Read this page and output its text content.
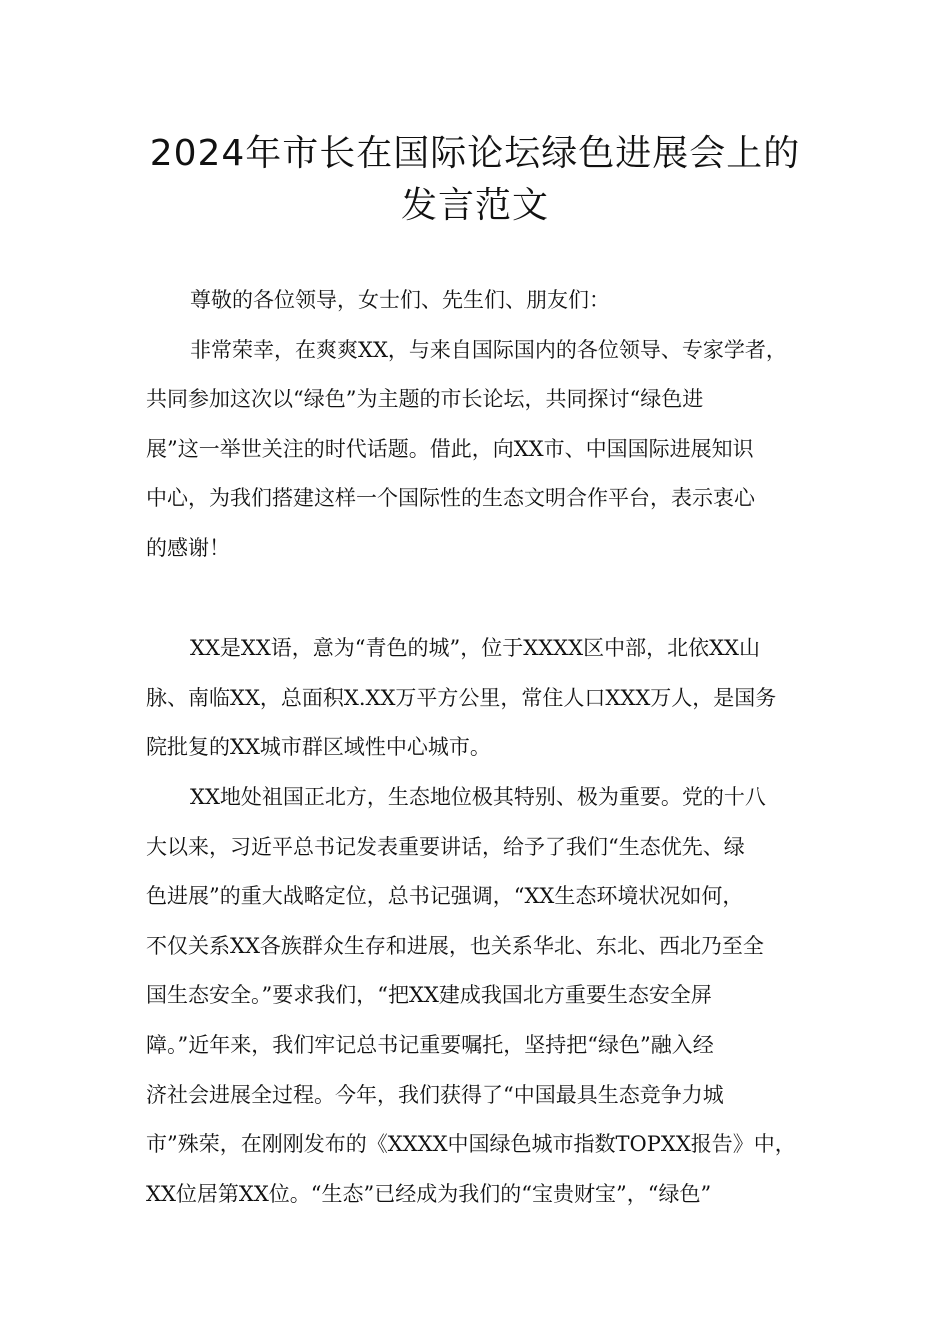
2024年市长在国际论坛绿色进展会上的
发言范文
尊敬的各位领导，女士们、先生们、朋友们：
非常荣幸，在爽爽XX，与来自国际国内的各位领导、专家学者，
共同参加这次以“绿色”为主题的市长论坛，共同探讨“绿色进
展”这一举世关注的时代话题。借此，向XX市、中国国际进展知识
中心，为我们搭建这样一个国际性的生态文明合作平台，表示衷心
的感谢！
XX是XX语，意为“青色的城”，位于XXXX区中部，北依XX山
脉、南临XX，总面积X.XX万平方公里，常住人口XXX万人，是国务
院批复的XX城市群区域性中心城市。
XX地处祖国正北方，生态地位极其特别、极为重要。党的十八
大以来，习近平总书记发表重要讲话，给予了我们“生态优先、绿
色进展”的重大战略定位，总书记强调，“XX生态环境状况如何，
不仅关系XX各族群众生存和进展，也关系华北、东北、西北乃至全
国生态安全。”要求我们，“把XX建成我国北方重要生态安全屏
障。”近年来，我们牢记总书记重要嘱托，坚持把“绿色”融入经
济社会进展全过程。今年，我们获得了“中国最具生态竞争力城
市”殊荣，在刚刚发布的《XXXX中国绿色城市指数TOPXX报告》中，
XX位居第XX位。“生态”已经成为我们的“宝贵财宝”，“绿色”
